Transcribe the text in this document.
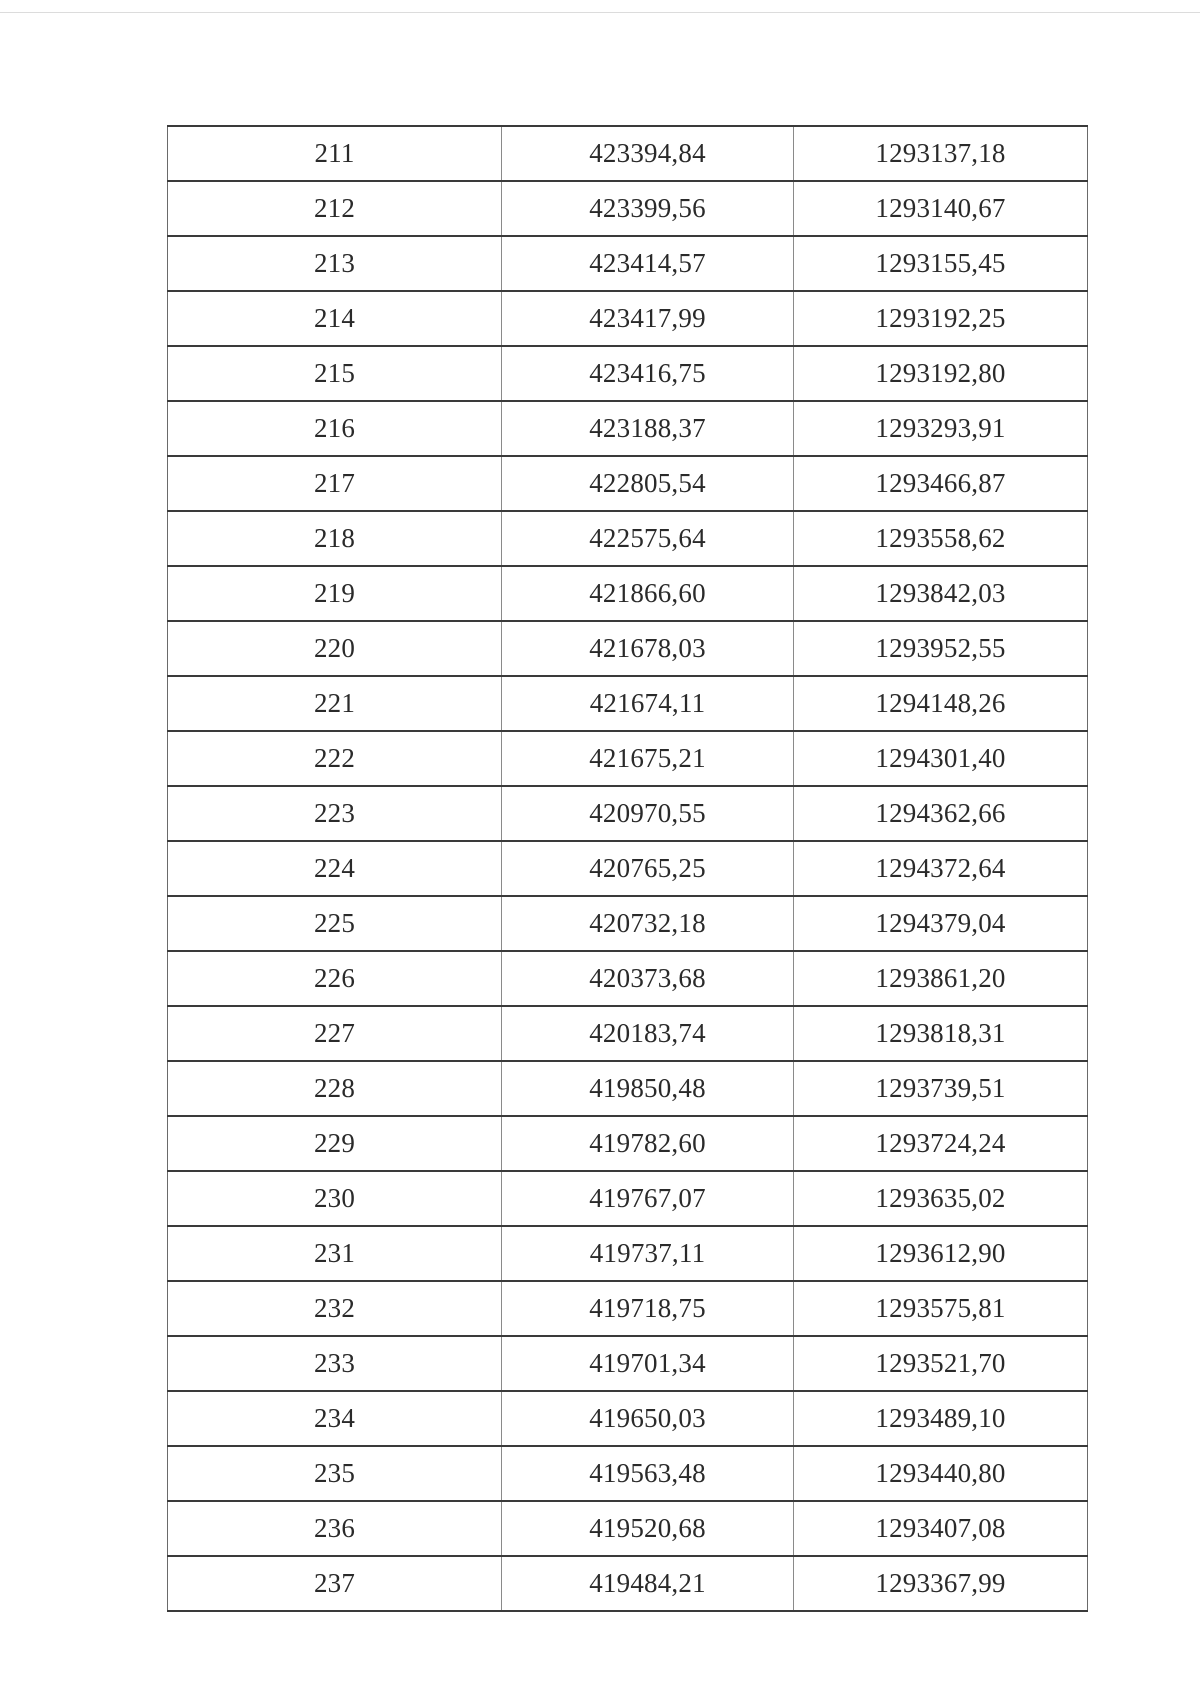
211	423394,84	1293137,18
212	423399,56	1293140,67
213	423414,57	1293155,45
214	423417,99	1293192,25
215	423416,75	1293192,80
216	423188,37	1293293,91
217	422805,54	1293466,87
218	422575,64	1293558,62
219	421866,60	1293842,03
220	421678,03	1293952,55
221	421674,11	1294148,26
222	421675,21	1294301,40
223	420970,55	1294362,66
224	420765,25	1294372,64
225	420732,18	1294379,04
226	420373,68	1293861,20
227	420183,74	1293818,31
228	419850,48	1293739,51
229	419782,60	1293724,24
230	419767,07	1293635,02
231	419737,11	1293612,90
232	419718,75	1293575,81
233	419701,34	1293521,70
234	419650,03	1293489,10
235	419563,48	1293440,80
236	419520,68	1293407,08
237	419484,21	1293367,99
